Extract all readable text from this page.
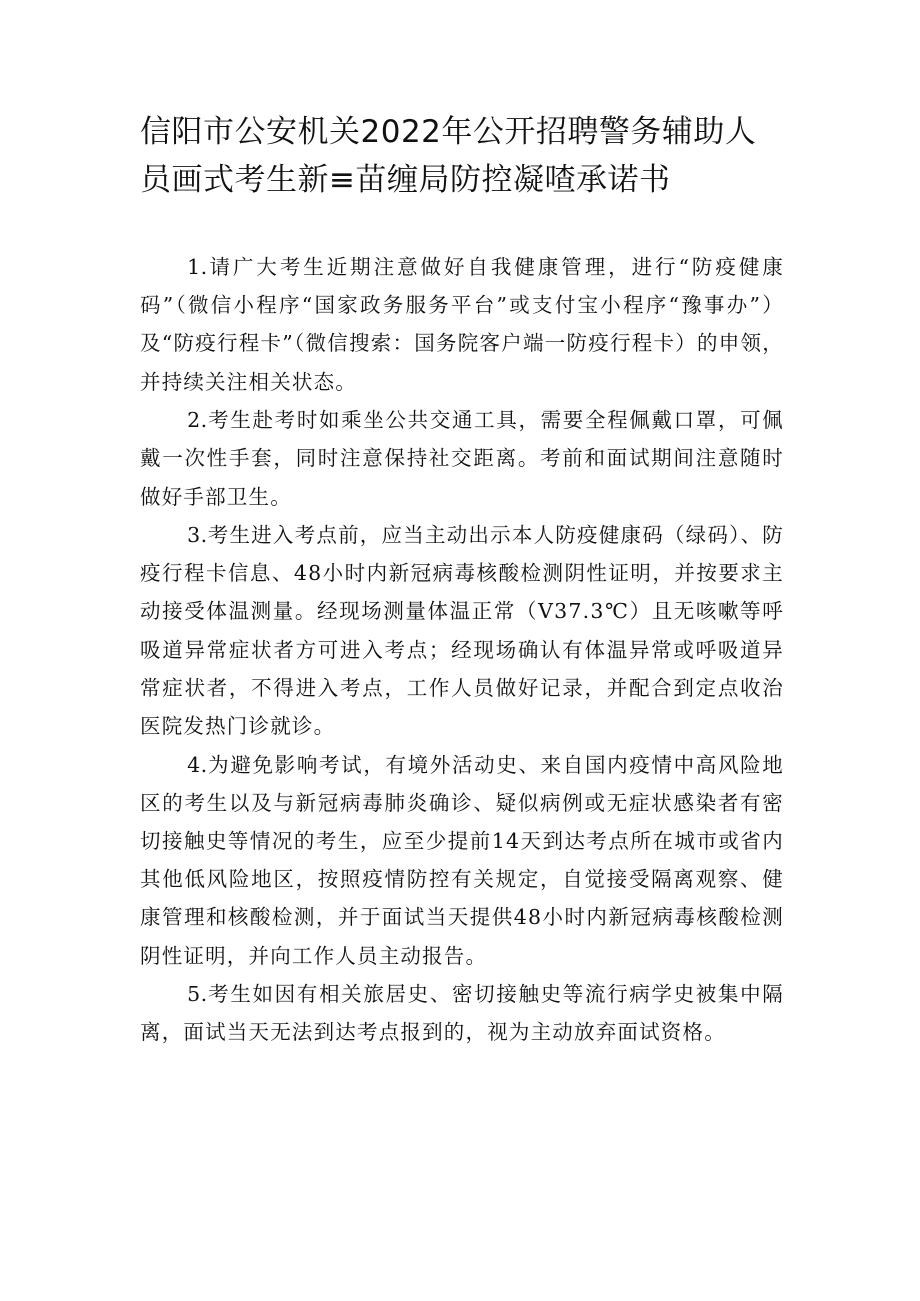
信阳市公安机关2022年公开招聘警务辅助人
员画式考生新≡苗缠局防控凝喳承诺书

1.请广大考生近期注意做好自我健康管理，进行“防疫健康码”（微信小程序“国家政务服务平台”或支付宝小程序“豫事办”）及“防疫行程卡”（微信搜索：国务院客户端一防疫行程卡）的申领，并持续关注相关状态。

2.考生赴考时如乘坐公共交通工具，需要全程佩戴口罩，可佩戴一次性手套，同时注意保持社交距离。考前和面试期间注意随时做好手部卫生。

3.考生进入考点前，应当主动出示本人防疫健康码（绿码）、防疫行程卡信息、48小时内新冠病毒核酸检测阴性证明，并按要求主动接受体温测量。经现场测量体温正常（V37.3℃）且无咳嗽等呼吸道异常症状者方可进入考点；经现场确认有体温异常或呼吸道异常症状者，不得进入考点，工作人员做好记录，并配合到定点收治医院发热门诊就诊。

4.为避免影响考试，有境外活动史、来自国内疫情中高风险地区的考生以及与新冠病毒肺炎确诊、疑似病例或无症状感染者有密切接触史等情况的考生，应至少提前14天到达考点所在城市或省内其他低风险地区，按照疫情防控有关规定，自觉接受隔离观察、健康管理和核酸检测，并于面试当天提供48小时内新冠病毒核酸检测阴性证明，并向工作人员主动报告。

5.考生如因有相关旅居史、密切接触史等流行病学史被集中隔离，面试当天无法到达考点报到的，视为主动放弃面试资格。
